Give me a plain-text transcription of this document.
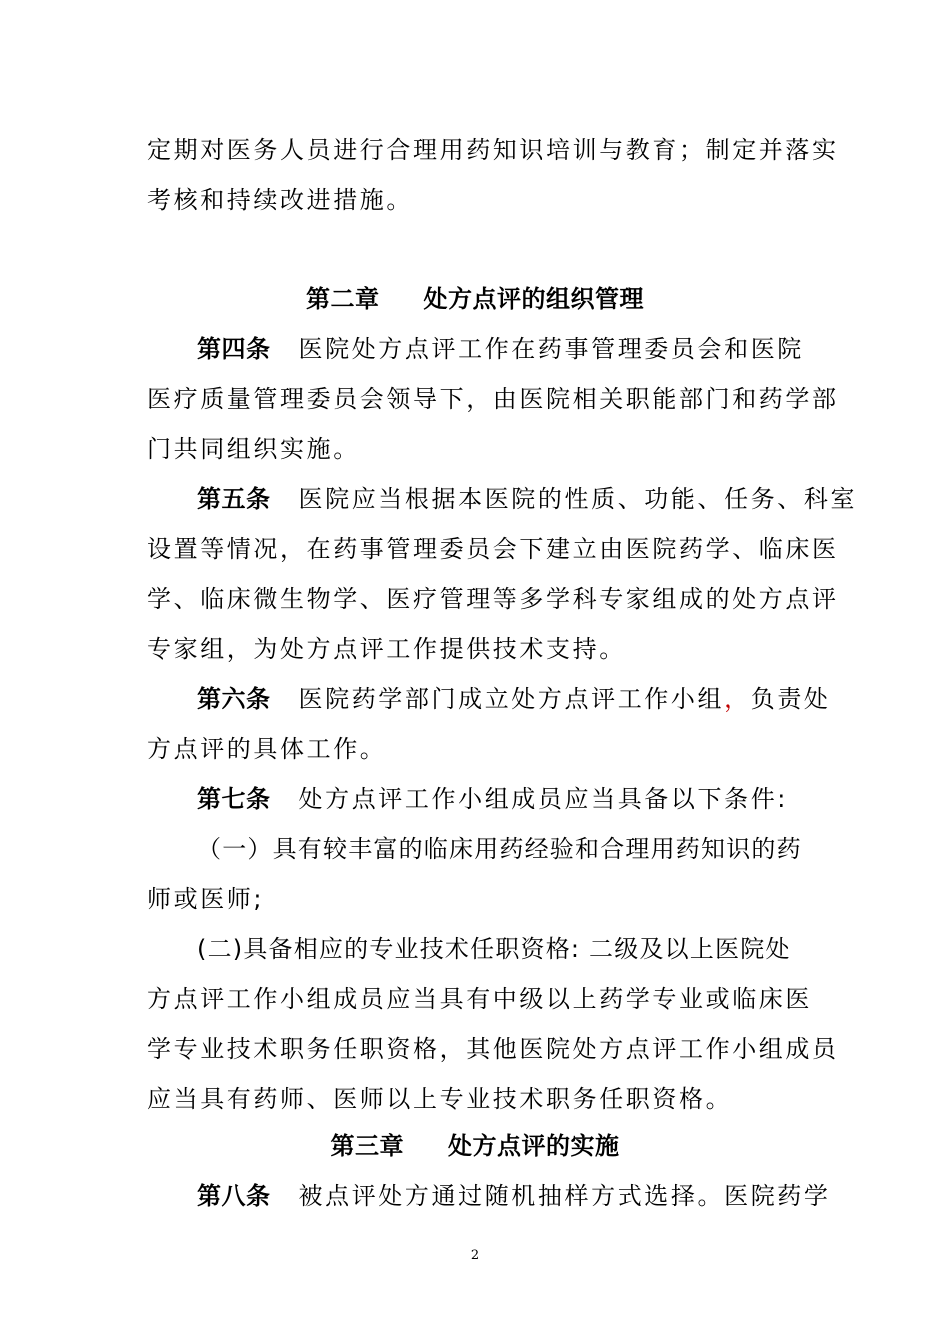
定期对医务人员进行合理用药知识培训与教育；制定并落实
考核和持续改进措施。
第二章 处方点评的组织管理
第四条 医院处方点评工作在药事管理委员会和医院
医疗质量管理委员会领导下，由医院相关职能部门和药学部
门共同组织实施。
第五条 医院应当根据本医院的性质、功能、任务、科室
设置等情况，在药事管理委员会下建立由医院药学、临床医
学、临床微生物学、医疗管理等多学科专家组成的处方点评
专家组，为处方点评工作提供技术支持。
第六条 医院药学部门成立处方点评工作小组，负责处
方点评的具体工作。
第七条 处方点评工作小组成员应当具备以下条件:
（一）具有较丰富的临床用药经验和合理用药知识的药
师或医师;
(二)具备相应的专业技术任职资格: 二级及以上医院处
方点评工作小组成员应当具有中级以上药学专业或临床医
学专业技术职务任职资格，其他医院处方点评工作小组成员
应当具有药师、医师以上专业技术职务任职资格。
第三章 处方点评的实施
第八条 被点评处方通过随机抽样方式选择。医院药学
2
